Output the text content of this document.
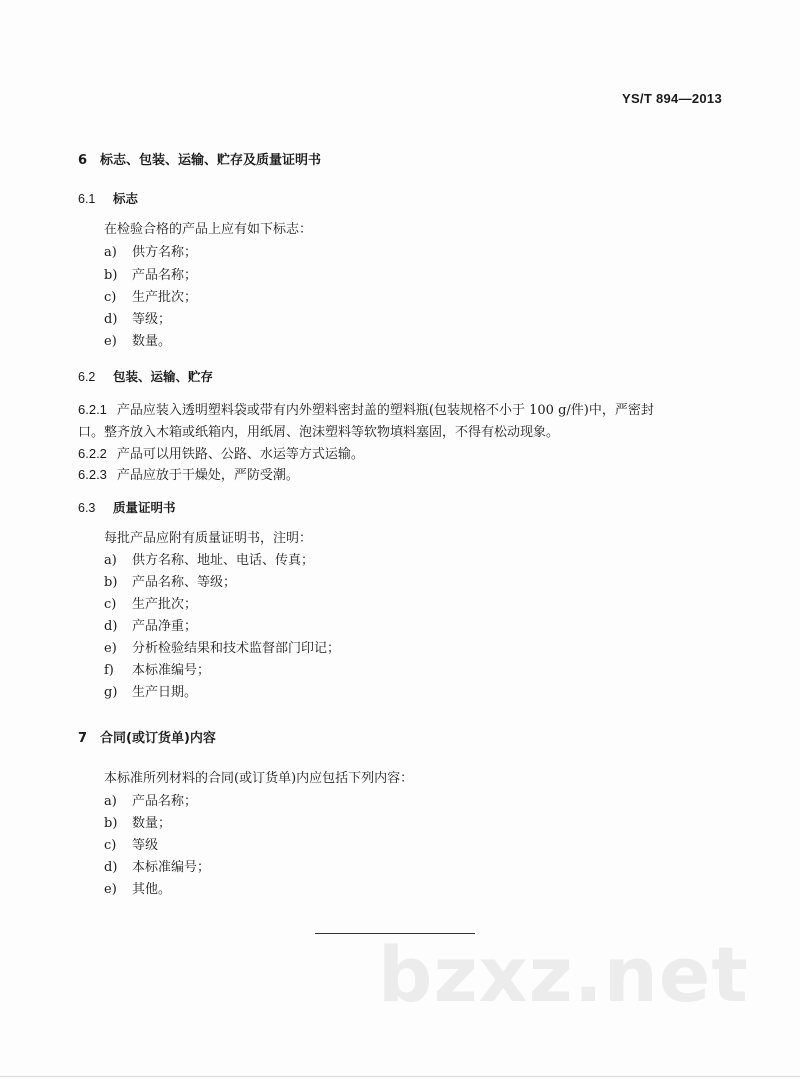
YS/T 894—2013
6 标志、包装、运输、贮存及质量证明书
6.1 标志
在检验合格的产品上应有如下标志：
a) 供方名称；
b) 产品名称；
c) 生产批次；
d) 等级；
e) 数量。
6.2 包装、运输、贮存
6.2.1 产品应装入透明塑料袋或带有内外塑料密封盖的塑料瓶(包装规格不小于 100 g/件)中，严密封
口。整齐放入木箱或纸箱内，用纸屑、泡沫塑料等软物填料塞固，不得有松动现象。
6.2.2 产品可以用铁路、公路、水运等方式运输。
6.2.3 产品应放于干燥处，严防受潮。
6.3 质量证明书
每批产品应附有质量证明书，注明：
a) 供方名称、地址、电话、传真；
b) 产品名称、等级；
c) 生产批次；
d) 产品净重；
e) 分析检验结果和技术监督部门印记；
f) 本标准编号；
g) 生产日期。
7 合同(或订货单)内容
本标准所列材料的合同(或订货单)内应包括下列内容：
a) 产品名称；
b) 数量；
c) 等级
d) 本标准编号；
e) 其他。
bzxz.net
